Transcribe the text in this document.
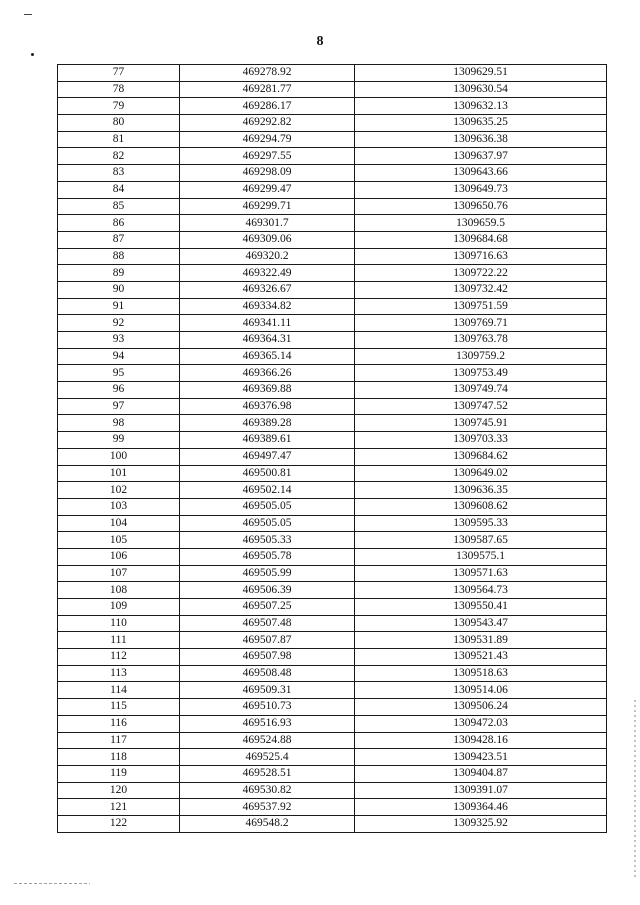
8
77	469278.92	1309629.51
78	469281.77	1309630.54
79	469286.17	1309632.13
80	469292.82	1309635.25
81	469294.79	1309636.38
82	469297.55	1309637.97
83	469298.09	1309643.66
84	469299.47	1309649.73
85	469299.71	1309650.76
86	469301.7	1309659.5
87	469309.06	1309684.68
88	469320.2	1309716.63
89	469322.49	1309722.22
90	469326.67	1309732.42
91	469334.82	1309751.59
92	469341.11	1309769.71
93	469364.31	1309763.78
94	469365.14	1309759.2
95	469366.26	1309753.49
96	469369.88	1309749.74
97	469376.98	1309747.52
98	469389.28	1309745.91
99	469389.61	1309703.33
100	469497.47	1309684.62
101	469500.81	1309649.02
102	469502.14	1309636.35
103	469505.05	1309608.62
104	469505.05	1309595.33
105	469505.33	1309587.65
106	469505.78	1309575.1
107	469505.99	1309571.63
108	469506.39	1309564.73
109	469507.25	1309550.41
110	469507.48	1309543.47
111	469507.87	1309531.89
112	469507.98	1309521.43
113	469508.48	1309518.63
114	469509.31	1309514.06
115	469510.73	1309506.24
116	469516.93	1309472.03
117	469524.88	1309428.16
118	469525.4	1309423.51
119	469528.51	1309404.87
120	469530.82	1309391.07
121	469537.92	1309364.46
122	469548.2	1309325.92
